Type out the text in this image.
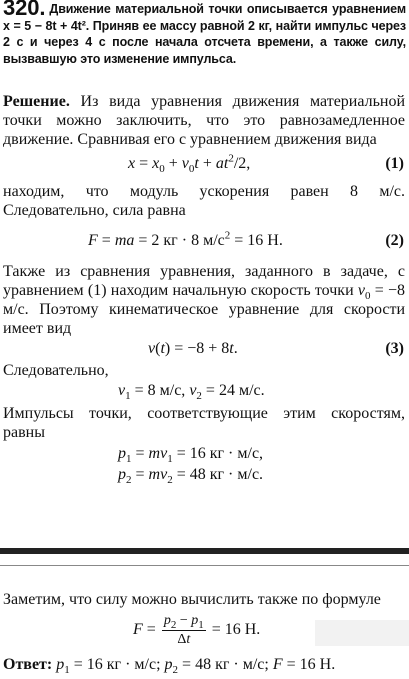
320. Движение материальной точки описывается уравнением x = 5 − 8t + 4t². Приняв ее массу равной 2 кг, найти импульс через 2 с и через 4 с после начала отсчета времени, а также силу, вызвавшую это изменение импульса.
Решение. Из вида уравнения движения материальной точки можно заключить, что это равнозамедленное движение. Сравнивая его с уравнением движения вида
$x = x_0 + v_0t + at^2/2$,	(1)
находим, что модуль ускорения равен 8 м/с. Следовательно, сила равна
F = ma = 2 кг · 8 $м/с^2 = 16$ Н.	(2)
Также из сравнения уравнения, заданного в задаче, с уравнением (1) находим начальную скорость точки $v_0 = -8$ м/с. Поэтому кинематическое уравнение для скорости имеет вид
v(t) = −8 + 8t.	(3)
Следовательно,
$v_1 = 8$ м/с, $v_2 = 24$ м/с.
Импульсы точки, соответствующие этим скоростям, равны
$p_1 = mv_1 = 16$ кг · м/с,
$p_2 = mv_2 = 48$ кг · м/с.
Заметим, что силу можно вычислить также по формуле
$F = \frac{p_2 - p_1}{\Delta t} = 16$ Н.
Ответ: $p_1 = 16$ кг · м/с; $p_2 = 48$ кг · м/с; F = 16 Н.
